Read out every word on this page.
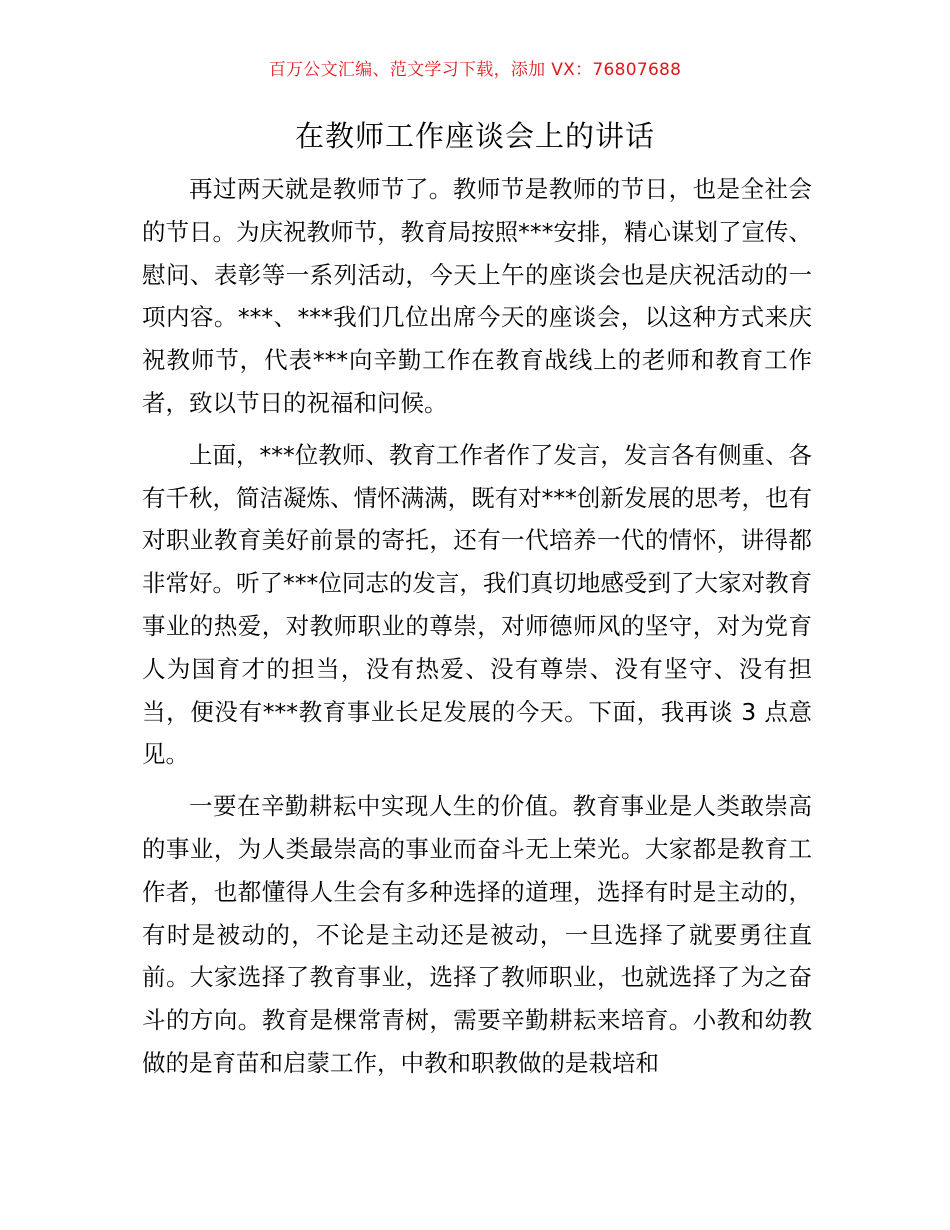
百万公文汇编、范文学习下载，添加 VX：76807688
在教师工作座谈会上的讲话

再过两天就是教师节了。教师节是教师的节日，也是全社会的节日。为庆祝教师节，教育局按照***安排，精心谋划了宣传、慰问、表彰等一系列活动，今天上午的座谈会也是庆祝活动的一项内容。***、***我们几位出席今天的座谈会，以这种方式来庆祝教师节，代表***向辛勤工作在教育战线上的老师和教育工作者，致以节日的祝福和问候。

上面，***位教师、教育工作者作了发言，发言各有侧重、各有千秋，简洁凝炼、情怀满满，既有对***创新发展的思考，也有对职业教育美好前景的寄托，还有一代培养一代的情怀，讲得都非常好。听了***位同志的发言，我们真切地感受到了大家对教育事业的热爱，对教师职业的尊崇，对师德师风的坚守，对为党育人为国育才的担当，没有热爱、没有尊崇、没有坚守、没有担当，便没有***教育事业长足发展的今天。下面，我再谈 3 点意见。

一要在辛勤耕耘中实现人生的价值。教育事业是人类敢崇高的事业，为人类最崇高的事业而奋斗无上荣光。大家都是教育工作者，也都懂得人生会有多种选择的道理，选择有时是主动的，有时是被动的，不论是主动还是被动，一旦选择了就要勇往直前。大家选择了教育事业，选择了教师职业，也就选择了为之奋斗的方向。教育是棵常青树，需要辛勤耕耘来培育。小教和幼教做的是育苗和启蒙工作，中教和职教做的是栽培和
